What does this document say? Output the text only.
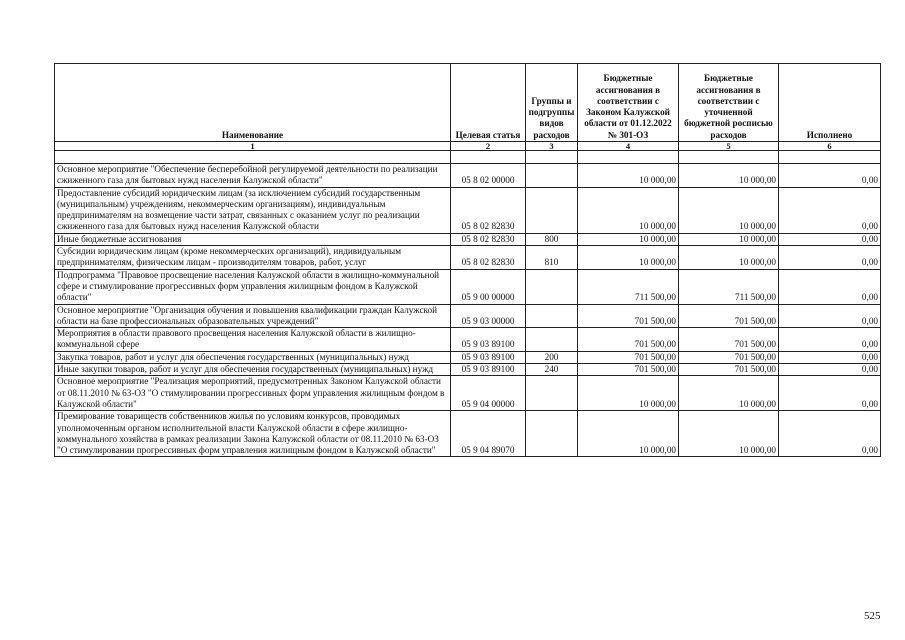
Наименование	Целевая статья	Группы и подгруппы видов расходов	Бюджетные ассигнования в соответствии с Законом Калужской области от 01.12.2022 № 301-ОЗ	Бюджетные ассигнования в соответствии с уточненной бюджетной росписью расходов	Исполнено
1	2	3	4	5	6

Основное мероприятие "Обеспечение бесперебойной регулируемой деятельности по реализации сжиженного газа для бытовых нужд населения Калужской области"	05 8 02 00000		10 000,00	10 000,00	0,00
Предоставление субсидий юридическим лицам (за исключением субсидий государственным (муниципальным) учреждениям, некоммерческим организациям), индивидуальным предпринимателям на возмещение части затрат, связанных с оказанием услуг по реализации сжиженного газа для бытовых нужд населения Калужской области	05 8 02 82830		10 000,00	10 000,00	0,00
Иные бюджетные ассигнования	05 8 02 82830	800	10 000,00	10 000,00	0,00
Субсидии юридическим лицам (кроме некоммерческих организаций), индивидуальным предпринимателям, физическим лицам - производителям товаров, работ, услуг	05 8 02 82830	810	10 000,00	10 000,00	0,00
Подпрограмма "Правовое просвещение населения Калужской области в жилищно-коммунальной сфере и стимулирование прогрессивных форм управления жилищным фондом в Калужской области"	05 9 00 00000		711 500,00	711 500,00	0,00
Основное мероприятие "Организация обучения и повышения квалификации граждан Калужской области на базе профессиональных образовательных учреждений"	05 9 03 00000		701 500,00	701 500,00	0,00
Мероприятия в области правового просвещения населения Калужской области в жилищно-коммунальной сфере	05 9 03 89100		701 500,00	701 500,00	0,00
Закупка товаров, работ и услуг для обеспечения государственных (муниципальных) нужд	05 9 03 89100	200	701 500,00	701 500,00	0,00
Иные закупки товаров, работ и услуг для обеспечения государственных (муниципальных) нужд	05 9 03 89100	240	701 500,00	701 500,00	0,00
Основное мероприятие "Реализация мероприятий, предусмотренных Законом Калужской области от 08.11.2010 № 63-ОЗ "О стимулировании прогрессивных форм управления жилищным фондом в Калужской области"	05 9 04 00000		10 000,00	10 000,00	0,00
Премирование товариществ собственников жилья по условиям конкурсов, проводимых уполномоченным органом исполнительной власти Калужской области в сфере жилищно-коммунального хозяйства в рамках реализации Закона Калужской области от 08.11.2010 № 63-ОЗ "О стимулировании прогрессивных форм управления жилищным фондом в Калужской области"	05 9 04 89070		10 000,00	10 000,00	0,00
525
